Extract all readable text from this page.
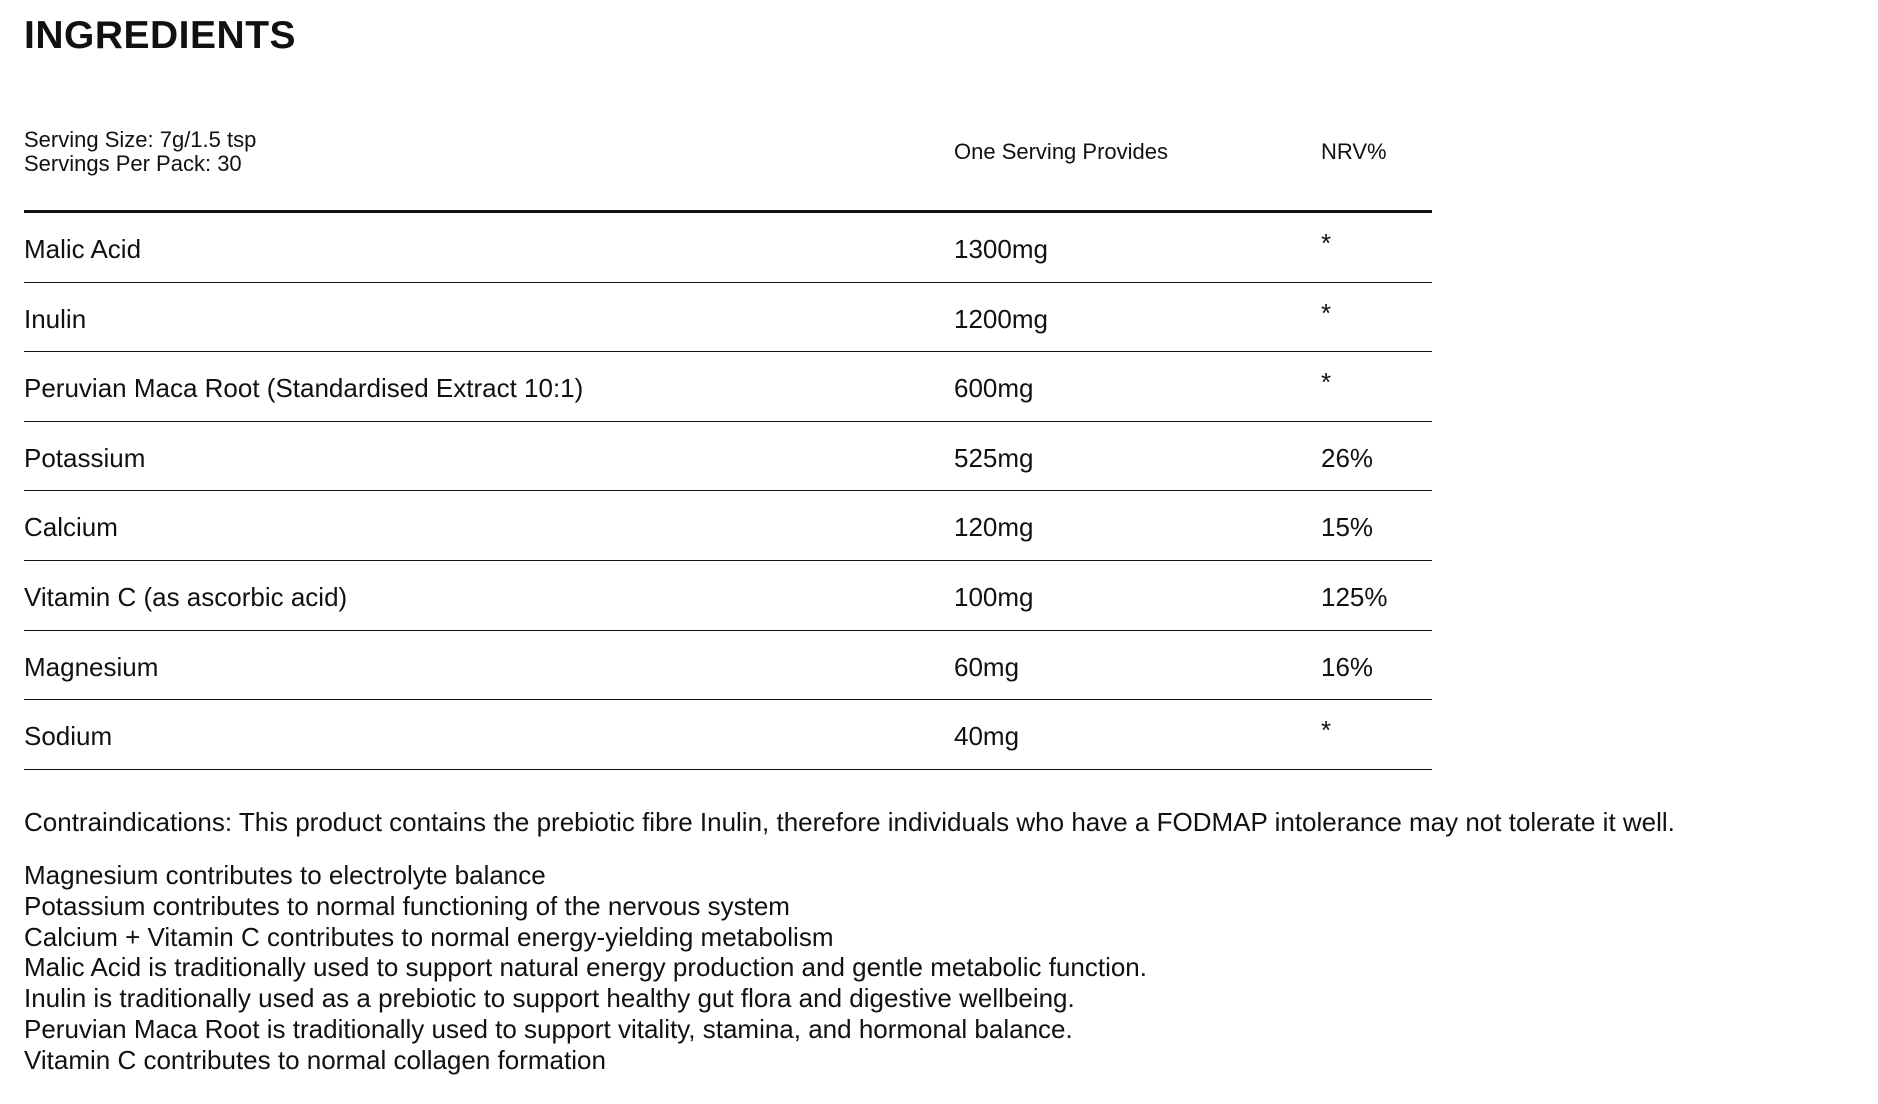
INGREDIENTS
Serving Size: 7g/1.5 tsp
Servings Per Pack: 30	One Serving Provides	NRV%
Malic Acid	1300mg	*
Inulin	1200mg	*
Peruvian Maca Root (Standardised Extract 10:1)	600mg	*
Potassium	525mg	26%
Calcium	120mg	15%
Vitamin C (as ascorbic acid)	100mg	125%
Magnesium	60mg	16%
Sodium	40mg	*
Contraindications: This product contains the prebiotic fibre Inulin, therefore individuals who have a FODMAP intolerance may not tolerate it well.
Magnesium contributes to electrolyte balance
Potassium contributes to normal functioning of the nervous system
Calcium + Vitamin C contributes to normal energy-yielding metabolism
Malic Acid is traditionally used to support natural energy production and gentle metabolic function.
Inulin is traditionally used as a prebiotic to support healthy gut flora and digestive wellbeing.
Peruvian Maca Root is traditionally used to support vitality, stamina, and hormonal balance.
Vitamin C contributes to normal collagen formation
